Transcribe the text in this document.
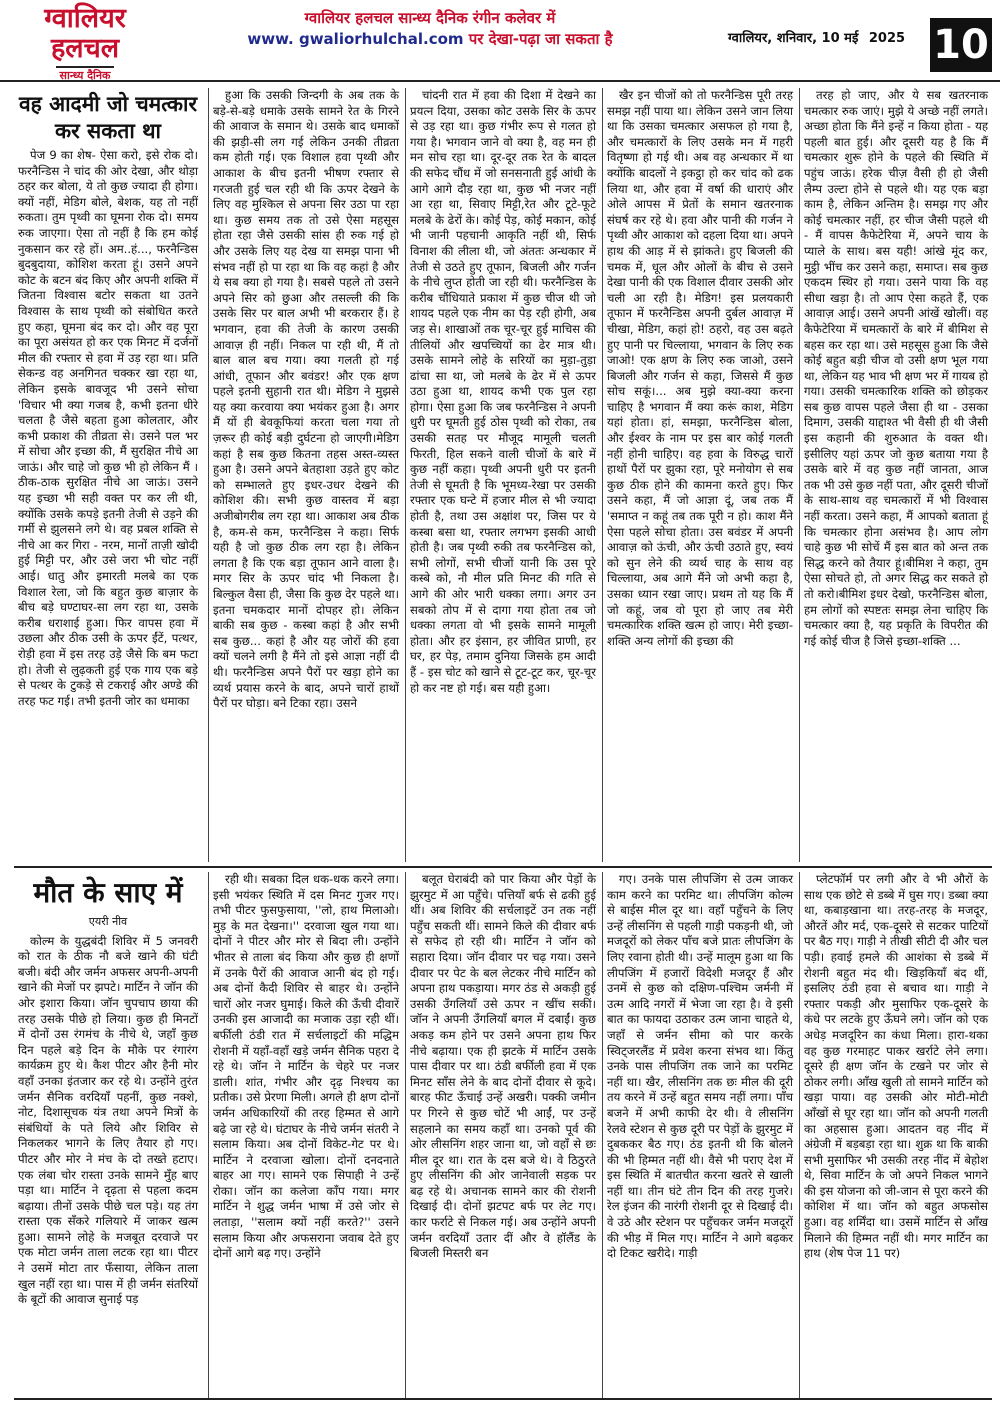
ग्वालियर
हलचल
सान्ध्य दैनिक
ग्वालियर हलचल सान्ध्य दैनिक रंगीन कलेवर में
www. gwaliorhulchal.com पर देखा-पढ़ा जा सकता है	ग्वालियर, शनिवार, 10 मई 2025 10
वह आदमी जो चमत्कार कर सकता था

पेज 9 का शेष- ऐसा करो, इसे रोक दो। फरनैन्डिस ने चांद की ओर देखा, और थोड़ा ठहर कर बोला, ये तो कुछ ज्यादा ही होगा। क्यों नहीं, मेडिग बोले, बेशक, यह तो नहीं रुकता। तुम पृथ्वी का घूमना रोक दो। समय रुक जाएगा। ऐसा तो नहीं है कि हम कोई नुकसान कर रहे हों। अम..हं..., फरनैन्डिस बुदबुदाया, कोशिश करता हूं। उसने अपने कोट के बटन बंद किए और अपनी शक्ति में जितना विश्वास बटोर सकता था उतने विश्वास के साथ पृथ्वी को संबोधित करते हुए कहा, घूमना बंद कर दो। और वह पूरा का पूरा असंयत हो कर एक मिनट में दर्जनों मील की रफ्तार से हवा में उड़ रहा था। प्रति सेकन्ड वह अनगिनत चक्कर खा रहा था, लेकिन इसके बावजूद भी उसने सोचा 'विचार भी क्या गजब है, कभी इतना धीरे चलता है जैसे बहता हुआ कोलतार, और कभी प्रकाश की तीव्रता से। उसने पल भर में सोचा और इच्छा की, मैं सुरक्षित नीचे आ जाऊं। और चाहे जो कुछ भी हो लेकिन मैं । ठीक-ठाक सुरक्षित नीचे आ जाऊं। उसने यह इच्छा भी सही वक्त पर कर ली थी, क्योंकि उसके कपड़े इतनी तेजी से उड़ने की गर्मी से झुलसने लगे थे। वह प्रबल शक्ति से नीचे आ कर गिरा - नरम, मानों ताज़ी खोदी हुई मिट्टी पर, और उसे जरा भी चोट नहीं आई। धातु और इमारती मलबे का एक विशाल रेला, जो कि बहुत कुछ बाज़ार के बीच बड़े घण्टाघर-सा लग रहा था, उसके करीब धराशाई हुआ। फिर वापस हवा में उछला और ठीक उसी के ऊपर ईंटें, पत्थर, रोड़ी हवा में इस तरह उड़े जैसे कि बम फटा हो। तेजी से लुढ़कती हुई एक गाय एक बड़े से पत्थर के टुकड़े से टकराई और अण्डे की तरह फट गई। तभी इतनी जोर का धमाका

हुआ कि उसकी जिन्दगी के अब तक के बड़े-से-बड़े धमाके उसके सामने रेत के गिरने की आवाज के समान थे। उसके बाद धमाकों की झड़ी-सी लग गई लेकिन उनकी तीव्रता कम होती गई। एक विशाल हवा पृथ्वी और आकाश के बीच इतनी भीषण रफ्तार से गरजती हुई चल रही थी कि ऊपर देखने के लिए वह मुश्किल से अपना सिर उठा पा रहा था। कुछ समय तक तो उसे ऐसा महसूस होता रहा जैसे उसकी सांस ही रुक गई हो और उसके लिए यह देख या समझ पाना भी संभव नहीं हो पा रहा था कि वह कहां है और ये सब क्या हो गया है। सबसे पहले तो उसने अपने सिर को छुआ और तसल्ली की कि उसके सिर पर बाल अभी भी बरकरार हैं। हे भगवान, हवा की तेजी के कारण उसकी आवाज़ ही नहीं। निकल पा रही थी, मैं तो बाल बाल बच गया। क्या गलती हो गई आंधी, तूफान और बवंडर! और एक क्षण पहले इतनी सुहानी रात थी। मेडिग ने मुझसे यह क्या करवाया क्या भयंकर हुआ है। अगर मैं यों ही बेवकूफियां करता चला गया तो ज़रूर ही कोई बड़ी दुर्घटना हो जाएगी।मेडिग कहां है सब कुछ कितना तहस अस्त-व्यस्त हुआ है। उसने अपने बेतहाशा उड़ते हुए कोट को सम्भालते हुए इधर-उधर देखने की कोशिश की। सभी कुछ वास्तव में बड़ा अजीबोगरीब लग रहा था। आकाश अब ठीक है, कम-से कम, फरनैन्डिस ने कहा। सिर्फ यही है जो कुछ ठीक लग रहा है। लेकिन लगता है कि एक बड़ा तूफान आने वाला है। मगर सिर के ऊपर चांद भी निकला है। बिल्कुल वैसा ही, जैसा कि कुछ देर पहले था। इतना चमकदार मानों दोपहर हो। लेकिन बाकी सब कुछ - कस्बा कहां है और सभी सब कुछ... कहां है और यह जोरों की हवा क्यों चलने लगी है मैंने तो इसे आज्ञा नहीं दी थी। फरनैन्डिस अपने पैरों पर खड़ा होने का व्यर्थ प्रयास करने के बाद, अपने चारों हाथों पैरों पर घोड़ा। बने टिका रहा। उसने

चांदनी रात में हवा की दिशा में देखने का प्रयत्न दिया, उसका कोट उसके सिर के ऊपर से उड़ रहा था। कुछ गंभीर रूप से गलत हो गया है। भगवान जाने वो क्या है, वह मन ही मन सोच रहा था। दूर-दूर तक रेत के बादल की सफेद चौंध में जो सनसनाती हुई आंधी के आगे आगे दौड़ रहा था, कुछ भी नजर नहीं आ रहा था, सिवाए मिट्टी,रेत और टूटे-फूटे मलबे के ढेरों के। कोई पेड़, कोई मकान, कोई भी जानी पहचानी आकृति नहीं थी, सिर्फ विनाश की लीला थी, जो अंततः अन्धकार में तेजी से उठते हुए तूफान, बिजली और गर्जन के नीचे लुप्त होती जा रही थी। फरनैन्डिस के करीब चौंधियाते प्रकाश में कुछ चीज थी जो शायद पहले एक नीम का पेड़ रही होगी, अब जड़ से। शाखाओं तक चूर-चूर हुई माचिस की तीलियों और खपच्चियों का ढेर मात्र थी। उसके सामने लोहे के सरियों का मुड़ा-तुड़ा ढांचा सा था, जो मलबे के ढेर में से ऊपर उठा हुआ था, शायद कभी एक पुल रहा होगा। ऐसा हुआ कि जब फरनैन्डिस ने अपनी धुरी पर घूमती हुई ठोस पृथ्वी को रोका, तब उसकी सतह पर मौजूद मामूली चलती फिरती, हिल सकने वाली चीजों के बारे में कुछ नहीं कहा। पृथ्वी अपनी धुरी पर इतनी तेजी से घूमती है कि भूमध्य-रेखा पर उसकी रफ्तार एक घन्टे में हजार मील से भी ज्यादा होती है, तथा उस अक्षांश पर, जिस पर ये कस्बा बसा था, रफ्तार लगभग इसकी आधी होती है। जब पृथ्वी रुकी तब फरनैन्डिस को, सभी लोगों, सभी चीजों यानी कि उस पूरे कस्बे को, नौ मील प्रति मिनट की गति से आगे की ओर भारी धक्का लगा। अगर उन सबको तोप में से दागा गया होता तब जो धक्का लगता वो भी इसके सामने मामूली होता। और हर इंसान, हर जीवित प्राणी, हर घर, हर पेड़, तमाम दुनिया जिसके हम आदी हैं - इस चोट को खाने से टूट-टूट कर, चूर-चूर हो कर नष्ट हो गई। बस यही हुआ।

खैर इन चीजों को तो फरनैन्डिस पूरी तरह समझ नहीं पाया था। लेकिन उसने जान लिया था कि उसका चमत्कार असफल हो गया है, और चमत्कारों के लिए उसके मन में गहरी वितृष्णा हो गई थी। अब वह अन्धकार में था क्योंकि बादलों ने इकट्ठा हो कर चांद को ढक लिया था, और हवा में वर्षा की धाराएं और ओले आपस में प्रेतों के समान खतरनाक संघर्ष कर रहे थे। हवा और पानी की गर्जन ने पृथ्वी और आकाश को दहला दिया था। अपने हाथ की आड़ में से झांकते। हुए बिजली की चमक में, धूल और ओलों के बीच से उसने देखा पानी की एक विशाल दीवार उसकी ओर चली आ रही है। मेडिग! इस प्रलयकारी तूफान में फरनैन्डिस अपनी दुर्बल आवाज़ में चीखा, मेडिग, कहां हो! ठहरो, वह उस बढ़ते हुए पानी पर चिल्लाया, भगवान के लिए रुक जाओ! एक क्षण के लिए रुक जाओ, उसने बिजली और गर्जन से कहा, जिससे मैं कुछ सोच सकूं।... अब मुझे क्या-क्या करना चाहिए है भगवान मैं क्या करूं काश, मेडिग यहां होता। हां, समझा, फरनैन्डिस बोला, और ईश्वर के नाम पर इस बार कोई गलती नहीं होनी चाहिए। वह हवा के विरुद्ध चारों हाथों पैरों पर झुका रहा, पूरे मनोयोग से सब कुछ ठीक होने की कामना करते हुए। फिर उसने कहा, मैं जो आज्ञा दूं, जब तक मैं 'समाप्त न कहूं तब तक पूरी न हो। काश मैंने ऐसा पहले सोचा होता। उस बवंडर में अपनी आवाज़ को ऊंची, और ऊंची उठाते हुए, स्वयं को सुन लेने की व्यर्थ चाह के साथ वह चिल्लाया, अब आगे मैंने जो अभी कहा है, उसका ध्यान रखा जाए। प्रथम तो यह कि मैं जो कहूं, जब वो पूरा हो जाए तब मेरी चमत्कारिक शक्ति खत्म हो जाए। मेरी इच्छा-शक्ति अन्य लोगों की इच्छा की

तरह हो जाए, और ये सब खतरनाक चमत्कार रुक जाएं। मुझे ये अच्छे नहीं लगते। अच्छा होता कि मैंने इन्हें न किया होता - यह पहली बात हुई। और दूसरी यह है कि मैं चमत्कार शुरू होने के पहले की स्थिति में पहुंच जाऊं। हरेक चीज़ वैसी ही हो जैसी लैम्प उल्टा होने से पहले थी। यह एक बड़ा काम है, लेकिन अन्तिम है। समझ गए और कोई चमत्कार नहीं, हर चीज जैसी पहले थी - मैं वापस कैफेटेरिया में, अपने चाय के प्याले के साथ। बस यही! आंखे मूंद कर, मुट्ठी भींच कर उसने कहा, समाप्त। सब कुछ एकदम स्थिर हो गया। उसने पाया कि वह सीधा खड़ा है। तो आप ऐसा कहते हैं, एक आवाज़ आई। उसने अपनी आंखें खोलीं। वह कैफेटेरिया में चमत्कारों के बारे में बीमिश से बहस कर रहा था। उसे महसूस हुआ कि जैसे कोई बहुत बड़ी चीज वो उसी क्षण भूल गया था, लेकिन यह भाव भी क्षण भर में गायब हो गया। उसकी चमत्कारिक शक्ति को छोड़कर सब कुछ वापस पहले जैसा ही था - उसका दिमाग, उसकी याद्दाश्त भी वैसी ही थी जैसी इस कहानी की शुरुआत के वक्त थी। इसीलिए यहां ऊपर जो कुछ बताया गया है उसके बारे में वह कुछ नहीं जानता, आज तक भी उसे कुछ नहीं पता, और दूसरी चीजों के साथ-साथ वह चमत्कारों में भी विश्वास नहीं करता। उसने कहा, मैं आपको बताता हूं कि चमत्कार होना असंभव है। आप लोग चाहे कुछ भी सोचें मैं इस बात को अन्त तक सिद्ध करने को तैयार हूं।बीमिश ने कहा, तुम ऐसा सोचते हो, तो अगर सिद्ध कर सकते हो तो करो।बीमिश इधर देखो, फरनैन्डिस बोला, हम लोगों को स्पष्टतः समझ लेना चाहिए कि चमत्कार क्या है, यह प्रकृति के विपरीत की गई कोई चीज है जिसे इच्छा-शक्ति ...

मौत के साए में
एयरी नीव

कोल्म के युद्धबंदी शिविर में 5 जनवरी को रात के ठीक नौ बजे खाने की घंटी बजी। बंदी और जर्मन अफसर अपनी-अपनी खाने की मेजों पर झपटे। मार्टिन ने जॉन की ओर इशारा किया। जॉन चुपचाप छाया की तरह उसके पीछे हो लिया। कुछ ही मिनटों में दोनों उस रंगमंच के नीचे थे, जहाँ कुछ दिन पहले बड़े दिन के मौके पर रंगारंग कार्यक्रम हुए थे। कैश पीटर और हैनी मोर वहाँ उनका इंतजार कर रहे थे। उन्होंने तुरंत जर्मन सैनिक वरदियाँ पहनीं, कुछ नक्शे, नोट, दिशासूचक यंत्र तथा अपने मित्रों के संबंधियों के पते लिये और शिविर से निकलकर भागने के लिए तैयार हो गए। पीटर और मोर ने मंच के दो तख्ते हटाए। एक लंबा चोर रास्ता उनके सामने मुँह बाए पड़ा था। मार्टिन ने दृढ़ता से पहला कदम बढ़ाया। तीनों उसके पीछे चल पड़े। यह तंग रास्ता एक सँकरे गलियारे में जाकर खत्म हुआ। सामने लोहे के मजबूत दरवाजे पर एक मोटा जर्मन ताला लटक रहा था। पीटर ने उसमें मोटा तार फँसाया, लेकिन ताला खुल नहीं रहा था। पास में ही जर्मन संतरियों के बूटों की आवाज सुनाई पड़

रही थी। सबका दिल धक-धक करने लगा। इसी भयंकर स्थिति में दस मिनट गुजर गए। तभी पीटर फुसफुसाया, ''लो, हाथ मिलाओ। मुड़ के मत देखना।'' दरवाजा खुल गया था। दोनों ने पीटर और मोर से बिदा ली। उन्होंने भीतर से ताला बंद किया और कुछ ही क्षणों में उनके पैरों की आवाज आनी बंद हो गई। अब दोनों कैदी शिविर से बाहर थे। उन्होंने चारों ओर नजर घुमाई। किले की ऊँची दीवारें उनकी इस आजादी का मजाक उड़ा रही थीं। बर्फीली ठंडी रात में सर्चलाइटों की मद्धिम रोशनी में यहाँ-वहाँ खड़े जर्मन सैनिक पहरा दे रहे थे। जॉन ने मार्टिन के चेहरे पर नजर डाली। शांत, गंभीर और दृढ़ निश्चय का प्रतीक। उसे प्रेरणा मिली। अगले ही क्षण दोनों जर्मन अधिकारियों की तरह हिम्मत से आगे बढ़े जा रहे थे। घंटाघर के नीचे जर्मन संतरी ने सलाम किया। अब दोनों विकेट-गेट पर थे। मार्टिन ने दरवाजा खोला। दोनों दनदनाते बाहर आ गए। सामने एक सिपाही ने उन्हें रोका। जॉन का कलेजा काँप गया। मगर मार्टिन ने शुद्ध जर्मन भाषा में उसे जोर से लताड़ा, ''सलाम क्यों नहीं करते?'' उसने सलाम किया और अफसराना जवाब देते हुए दोनों आगे बढ़ गए। उन्होंने

बलूत घेराबंदी को पार किया और पेड़ों के झुरमुट में आ पहुँचे। पत्तियाँ बर्फ से ढकी हुई थीं। अब शिविर की सर्चलाइटें उन तक नहीं पहुँच सकती थीं। सामने किले की दीवार बर्फ से सफेद हो रही थी। मार्टिन ने जॉन को सहारा दिया। जॉन दीवार पर चढ़ गया। उसने दीवार पर पेट के बल लेटकर नीचे मार्टिन को अपना हाथ पकड़ाया। मगर ठंड से अकड़ी हुई उसकी उँगलियाँ उसे ऊपर न खींच सकीं। जॉन ने अपनी उँगलियाँ बगल में दबाईं। कुछ अकड़ कम होने पर उसने अपना हाथ फिर नीचे बढ़ाया। एक ही झटके में मार्टिन उसके पास दीवार पर था। ठंडी बर्फीली हवा में एक मिनट साँस लेने के बाद दोनों दीवार से कूदे। बारह फीट ऊँचाई उन्हें अखरी। पक्की जमीन पर गिरने से कुछ चोटें भी आईं, पर उन्हें सहलाने का समय कहाँ था। उनको पूर्व की ओर लीसनिंग शहर जाना था, जो वहाँ से छः मील दूर था। रात के दस बजे थे। वे ठिठुरते हुए लीसनिंग की ओर जानेवाली सड़क पर बढ़ रहे थे। अचानक सामने कार की रोशनी दिखाई दी। दोनों झटपट बर्फ पर लेट गए। कार फर्राटे से निकल गई। अब उन्होंने अपनी जर्मन वरदियाँ उतार दीं और वे हॉलैंड के बिजली मिस्तरी बन

गए। उनके पास लीपजिंग से उत्म जाकर काम करने का परमिट था। लीपजिंग कोल्म से बाईस मील दूर था। वहाँ पहुँचने के लिए उन्हें लीसनिंग से पहली गाड़ी पकड़नी थी, जो मजदूरों को लेकर पाँच बजे प्रातः लीपजिंग के लिए रवाना होती थी। उन्हें मालूम हुआ था कि लीपजिंग में हजारों विदेशी मजदूर हैं और उनमें से कुछ को दक्षिण-पश्चिम जर्मनी में उत्म आदि नगरों में भेजा जा रहा है। वे इसी बात का फायदा उठाकर उत्म जाना चाहते थे, जहाँ से जर्मन सीमा को पार करके स्विट्जरलैंड में प्रवेश करना संभव था। किंतु उनके पास लीपजिंग तक जाने का परमिट नहीं था। खैर, लीसनिंग तक छः मील की दूरी तय करने में उन्हें बहुत समय नहीं लगा। पाँच बजने में अभी काफी देर थी। वे लीसनिंग रेलवे स्टेशन से कुछ दूरी पर पेड़ों के झुरमुट में दुबककर बैठ गए। ठंड इतनी थी कि बोलने की भी हिम्मत नहीं थी। वैसे भी पराए देश में इस स्थिति में बातचीत करना खतरे से खाली नहीं था। तीन घंटे तीन दिन की तरह गुजरे। रेल इंजन की नारंगी रोशनी दूर से दिखाई दी। वे उठे और स्टेशन पर पहुँचकर जर्मन मजदूरों की भीड़ में मिल गए। मार्टिन ने आगे बढ़कर दो टिकट खरीदे। गाड़ी

प्लेटफॉर्म पर लगी और वे भी औरों के साथ एक छोटे से डब्बे में घुस गए। डब्बा क्या था, कबाड़खाना था। तरह-तरह के मजदूर, औरतें और मर्द, एक-दूसरे से सटकर पाटियों पर बैठ गए। गाड़ी ने तीखी सीटी दी और चल पड़ी। हवाई हमले की आशंका से डब्बे में रोशनी बहुत मंद थी। खिड़कियाँ बंद थीं, इसलिए ठंडी हवा से बचाव था। गाड़ी ने रफ्तार पकड़ी और मुसाफिर एक-दूसरे के कंधे पर लटके हुए ऊँघने लगे। जॉन को एक अधेड़ मजदूरिन का कंधा मिला। हारा-थका वह कुछ गरमाहट पाकर खर्राटे लेने लगा। दूसरे ही क्षण जॉन के टखने पर जोर से ठोकर लगी। आँख खुली तो सामने मार्टिन को खड़ा पाया। वह उसकी ओर मोटी-मोटी आँखों से घूर रहा था। जॉन को अपनी गलती का अहसास हुआ। आदतन वह नींद में अंग्रेजी में बड़बड़ा रहा था। शुक्र था कि बाकी सभी मुसाफिर भी उसकी तरह नींद में बेहोश थे, सिवा मार्टिन के जो अपने निकल भागने की इस योजना को जी-जान से पूरा करने की कोशिश में था। जॉन को बहुत अफसोस हुआ। वह शर्मिंदा था। उसमें मार्टिन से आँख मिलाने की हिम्मत नहीं थी। मगर मार्टिन का हाथ (शेष पेज 11 पर)
